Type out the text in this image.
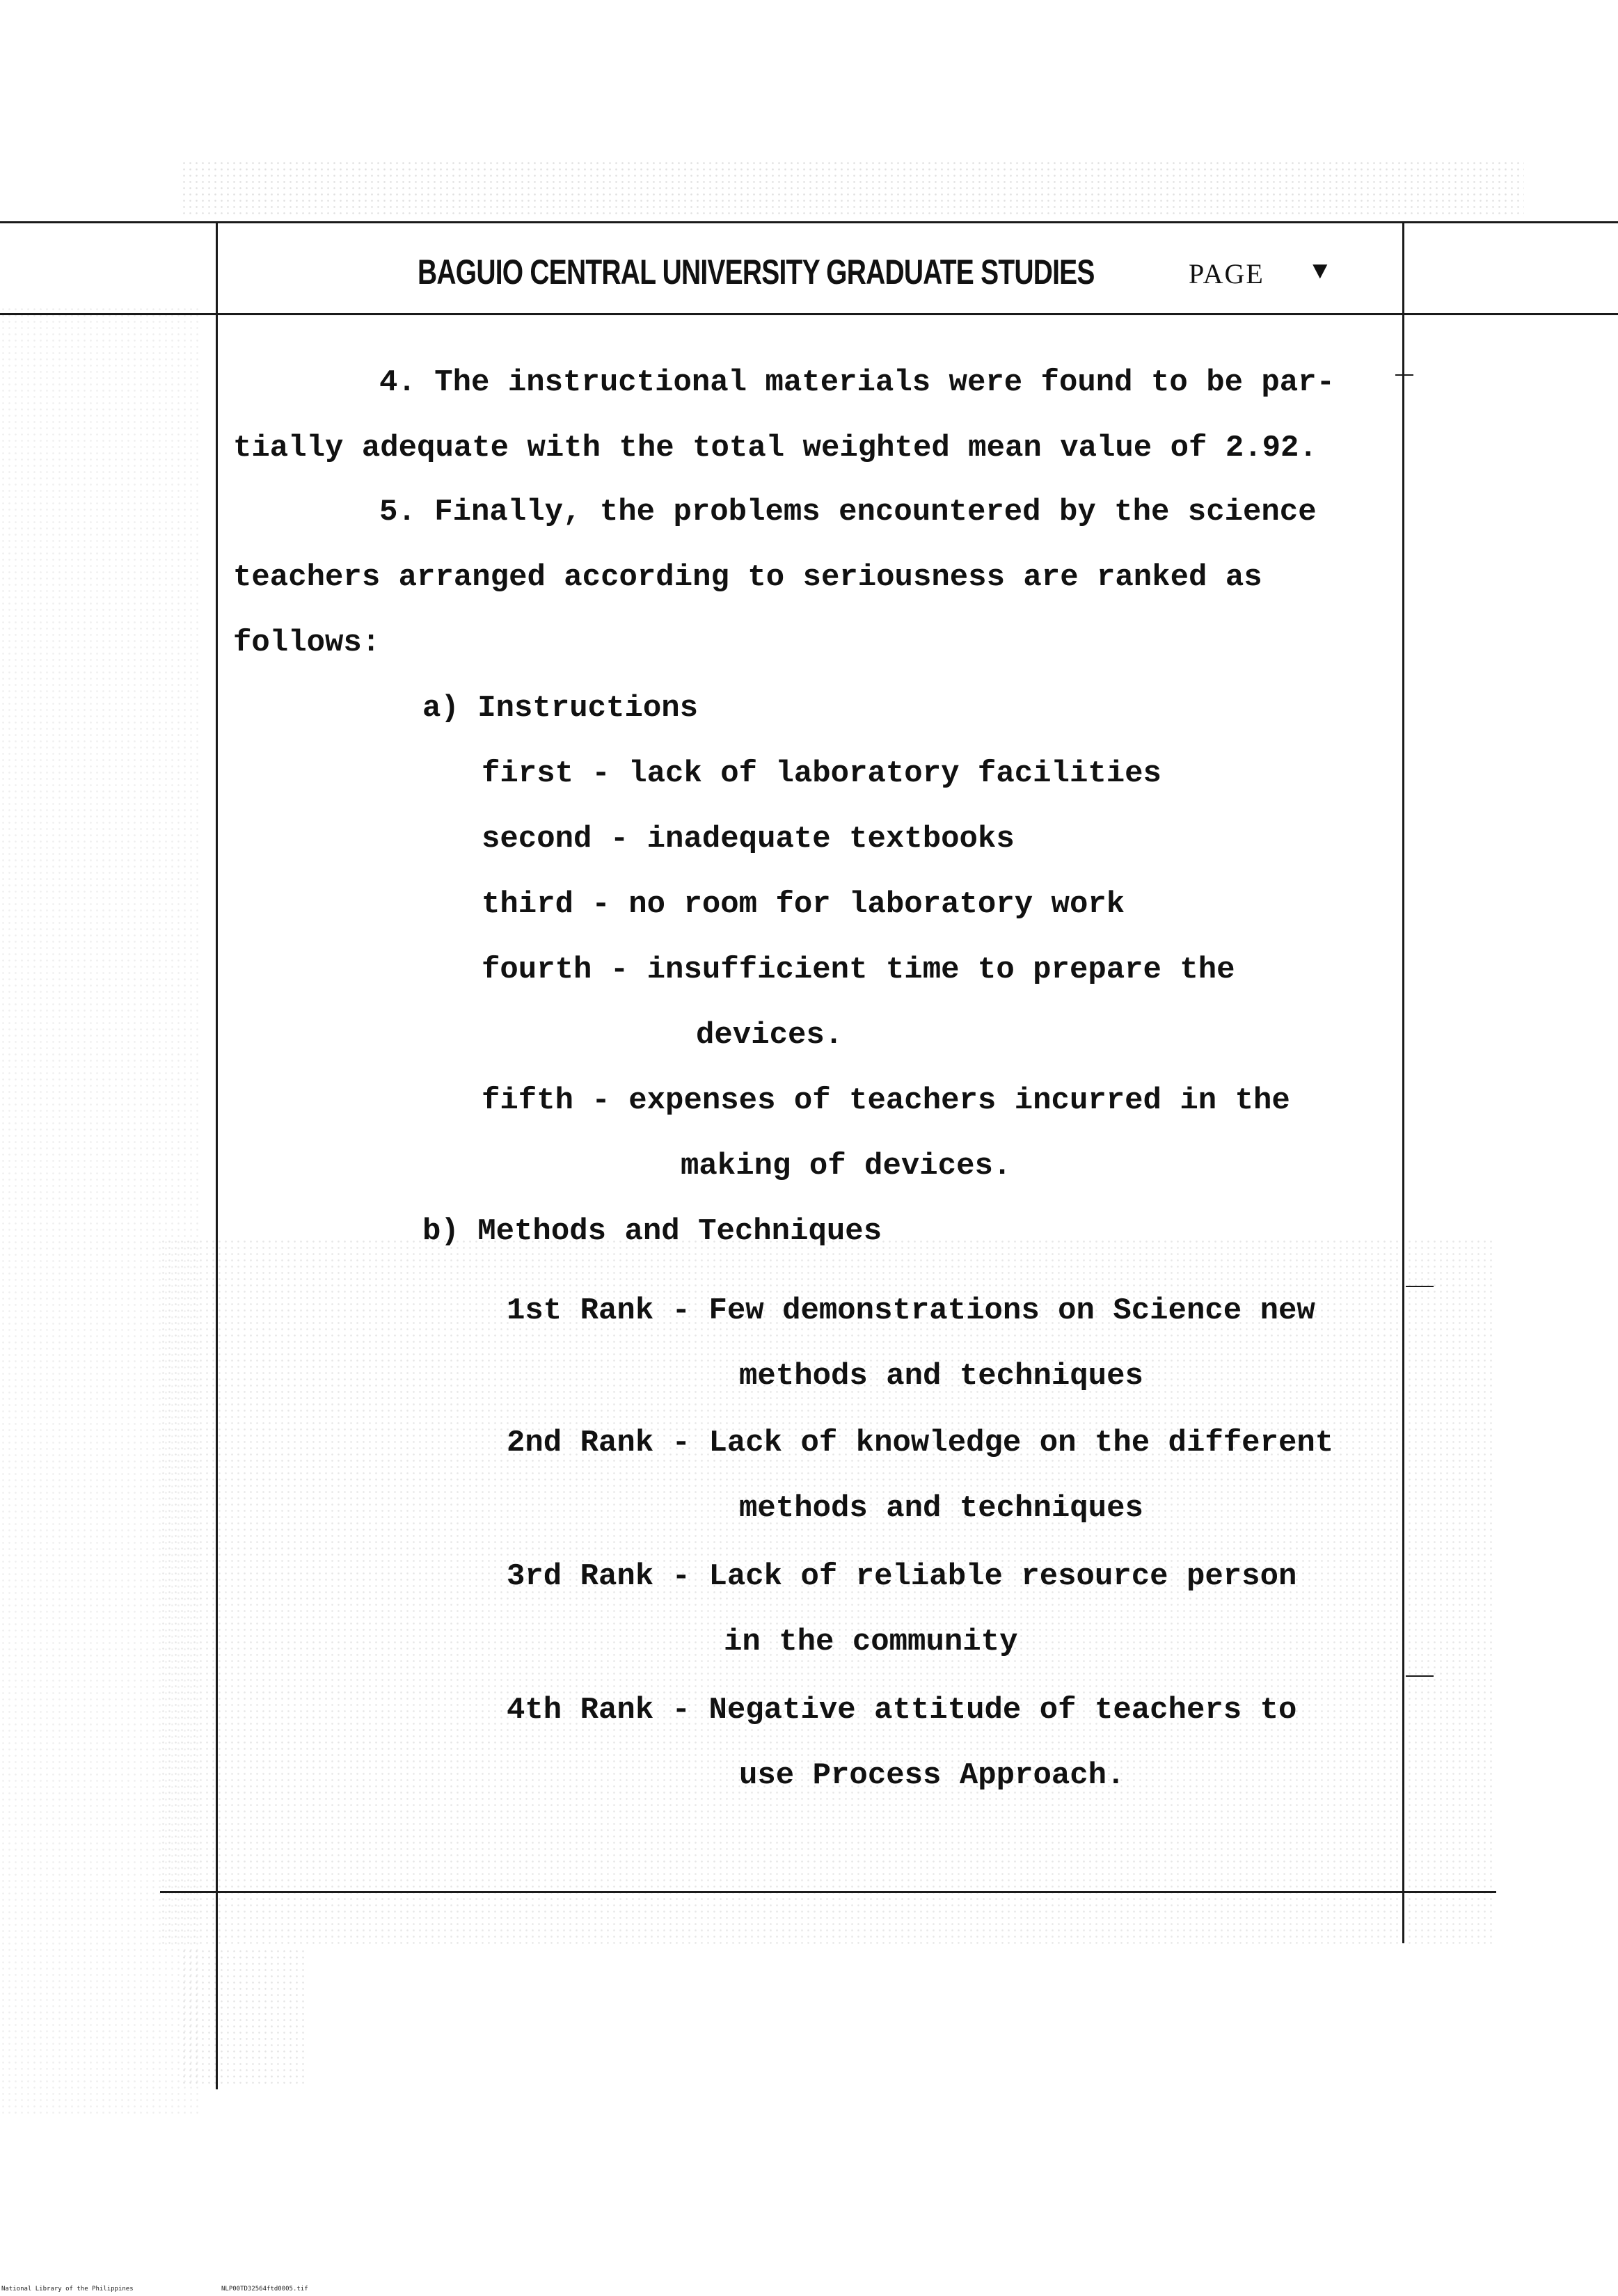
BAGUIO CENTRAL UNIVERSITY GRADUATE STUDIES	PAGE ▼
4. The instructional materials were found to be par-
tially adequate with the total weighted mean value of 2.92.
5. Finally, the problems encountered by the science
teachers arranged according to seriousness are ranked as
follows:
a) Instructions
first - lack of laboratory facilities
second - inadequate textbooks
third - no room for laboratory work
fourth - insufficient time to prepare the
devices.
fifth - expenses of teachers incurred in the
making of devices.
b) Methods and Techniques
1st Rank - Few demonstrations on Science new
methods and techniques
2nd Rank - Lack of knowledge on the different
methods and techniques
3rd Rank - Lack of reliable resource person
in the community
4th Rank - Negative attitude of teachers to
use Process Approach.
National Library of the Philippines	NLP00TD32564ftd0005.tif
